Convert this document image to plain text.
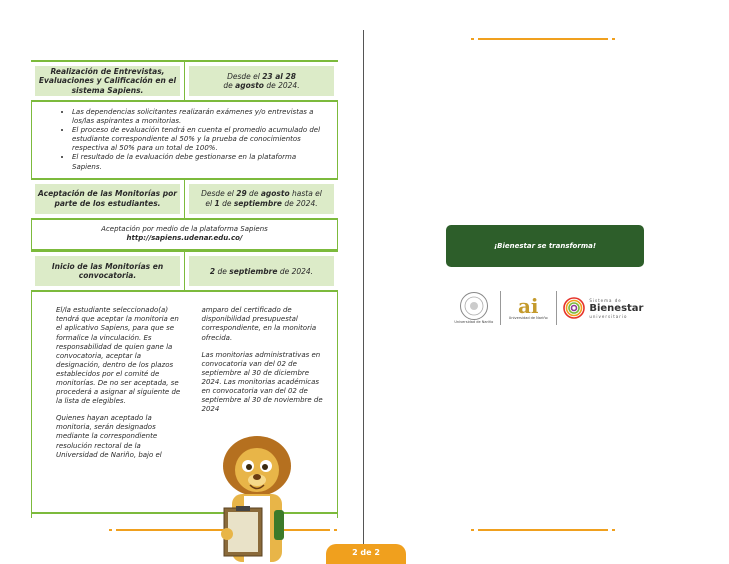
Realización de Entrevistas, Evaluaciones y Calificación en el sistema Sapiens.
Desde el 23 al 28
de agosto de 2024.
• Las dependencias solicitantes realizarán exámenes y/o entrevistas a los/las aspirantes a monitorias.
• El proceso de evaluación tendrá en cuenta el promedio acumulado del estudiante correspondiente al 50% y la prueba de conocimientos respectiva al 50% para un total de 100%.
• El resultado de la evaluación debe gestionarse en la plataforma Sapiens.
Aceptación de las Monitorías por parte de los estudiantes.
Desde el 29 de agosto hasta el
el 1 de septiembre de 2024.
Aceptación por medio de la plataforma Sapiens
http://sapiens.udenar.edu.co/
Inicio de las Monitorías en convocatoria.
2 de septiembre de 2024.

El/la estudiante seleccionado(a) tendrá que aceptar la monitoria en el aplicativo Sapiens, para que se formalice la vinculación. Es responsabilidad de quien gane la convocatoria, aceptar la designación, dentro de los plazos establecidos por el comité de monitorías. De no ser aceptada, se procederá a asignar al siguiente de la lista de elegibles.

Quienes hayan aceptado la monitoria, serán designados mediante la correspondiente resolución rectoral de la Universidad de Nariño, bajo el

amparo del certificado de disponibilidad presupuestal correspondiente, en la monitoria ofrecida.

Las monitorias administrativas en convocatoria van del 02 de septiembre al 30 de diciembre 2024. Las monitorias académicas en convocatoria van del 02 de septiembre al 30 de noviembre de 2024

2 de 2
¡Bienestar se transforma!
Universidad de Nariño
ai
Universidad de Nariño
Sistema de
Bienestar
universitario
